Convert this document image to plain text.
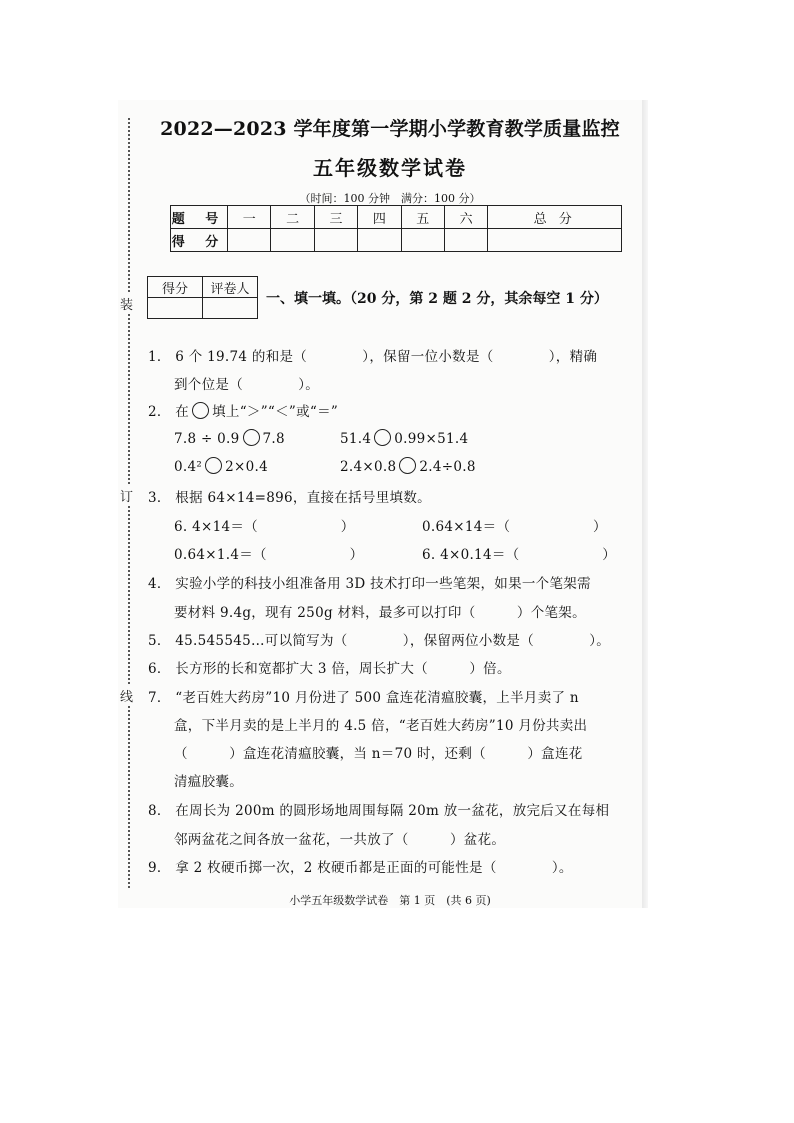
装
订
线
2022—2023 学年度第一学期小学教育教学质量监控
五年级数学试卷
（时间：100 分钟　满分：100 分）
题 号	一	二	三	四	五	六	总 分
得 分							
得分	评卷人

一、填一填。（20 分，第 2 题 2 分，其余每空 1 分）
1． 6 个 19.74 的和是（　　　　），保留一位小数是（　　　　），精确
到个位是（　　　　）。
2． 在 填上“＞”“＜”或“＝”
7.8 ÷ 0.9 7.8	51.4 0.99×51.4
0.4² 2×0.4	2.4×0.8 2.4÷0.8
3． 根据 64×14=896，直接在括号里填数。
6. 4×14＝（　　　　　　）	0.64×14＝（　　　　　　）
0.64×1.4＝（　　　　　　）	6. 4×0.14＝（　　　　　　）
4． 实验小学的科技小组准备用 3D 技术打印一些笔架，如果一个笔架需
要材料 9.4g，现有 250g 材料，最多可以打印（　　　）个笔架。
5． 45.545545…可以简写为（　　　　），保留两位小数是（　　　　）。
6． 长方形的长和宽都扩大 3 倍，周长扩大（　　　）倍。
7． “老百姓大药房”10 月份进了 500 盒连花清瘟胶囊，上半月卖了 n
盒，下半月卖的是上半月的 4.5 倍，“老百姓大药房”10 月份共卖出
（　　　）盒连花清瘟胶囊，当 n＝70 时，还剩（　　　）盒连花
清瘟胶囊。
8． 在周长为 200m 的圆形场地周围每隔 20m 放一盆花，放完后又在每相
邻两盆花之间各放一盆花，一共放了（　　　）盆花。
9． 拿 2 枚硬币掷一次，2 枚硬币都是正面的可能性是（　　　　）。
小学五年级数学试卷　第 1 页　(共 6 页)
